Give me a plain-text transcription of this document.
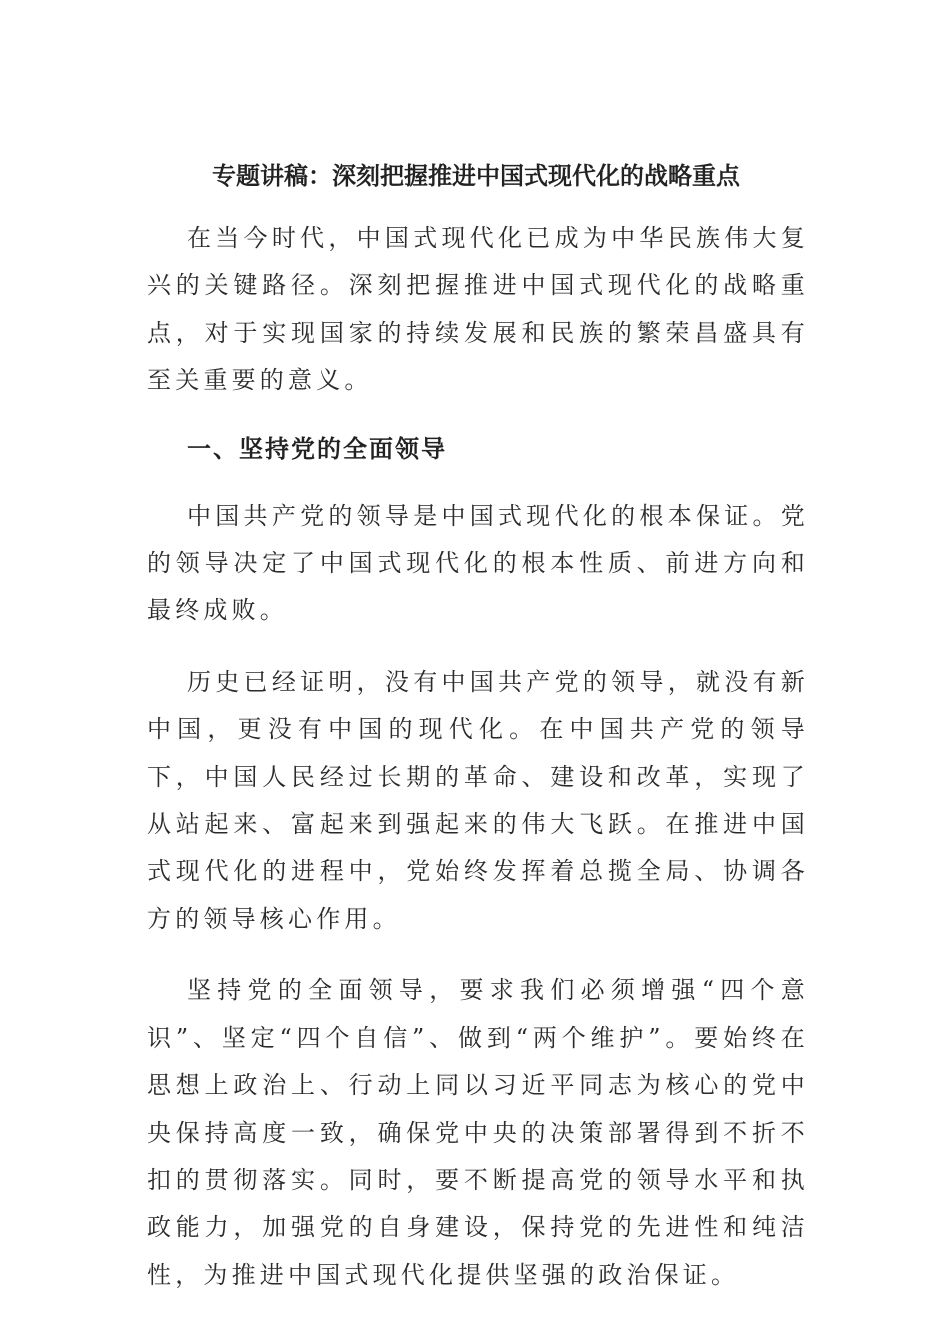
专题讲稿：深刻把握推进中国式现代化的战略重点

在当今时代，中国式现代化已成为中华民族伟大复兴的关键路径。深刻把握推进中国式现代化的战略重点，对于实现国家的持续发展和民族的繁荣昌盛具有至关重要的意义。

一、坚持党的全面领导

中国共产党的领导是中国式现代化的根本保证。党的领导决定了中国式现代化的根本性质、前进方向和最终成败。

历史已经证明，没有中国共产党的领导，就没有新中国，更没有中国的现代化。在中国共产党的领导下，中国人民经过长期的革命、建设和改革，实现了从站起来、富起来到强起来的伟大飞跃。在推进中国式现代化的进程中，党始终发挥着总揽全局、协调各方的领导核心作用。

坚持党的全面领导，要求我们必须增强“四个意识”、坚定“四个自信”、做到“两个维护”。要始终在思想上政治上、行动上同以习近平同志为核心的党中央保持高度一致，确保党中央的决策部署得到不折不扣的贯彻落实。同时，要不断提高党的领导水平和执政能力，加强党的自身建设，保持党的先进性和纯洁性，为推进中国式现代化提供坚强的政治保证。
